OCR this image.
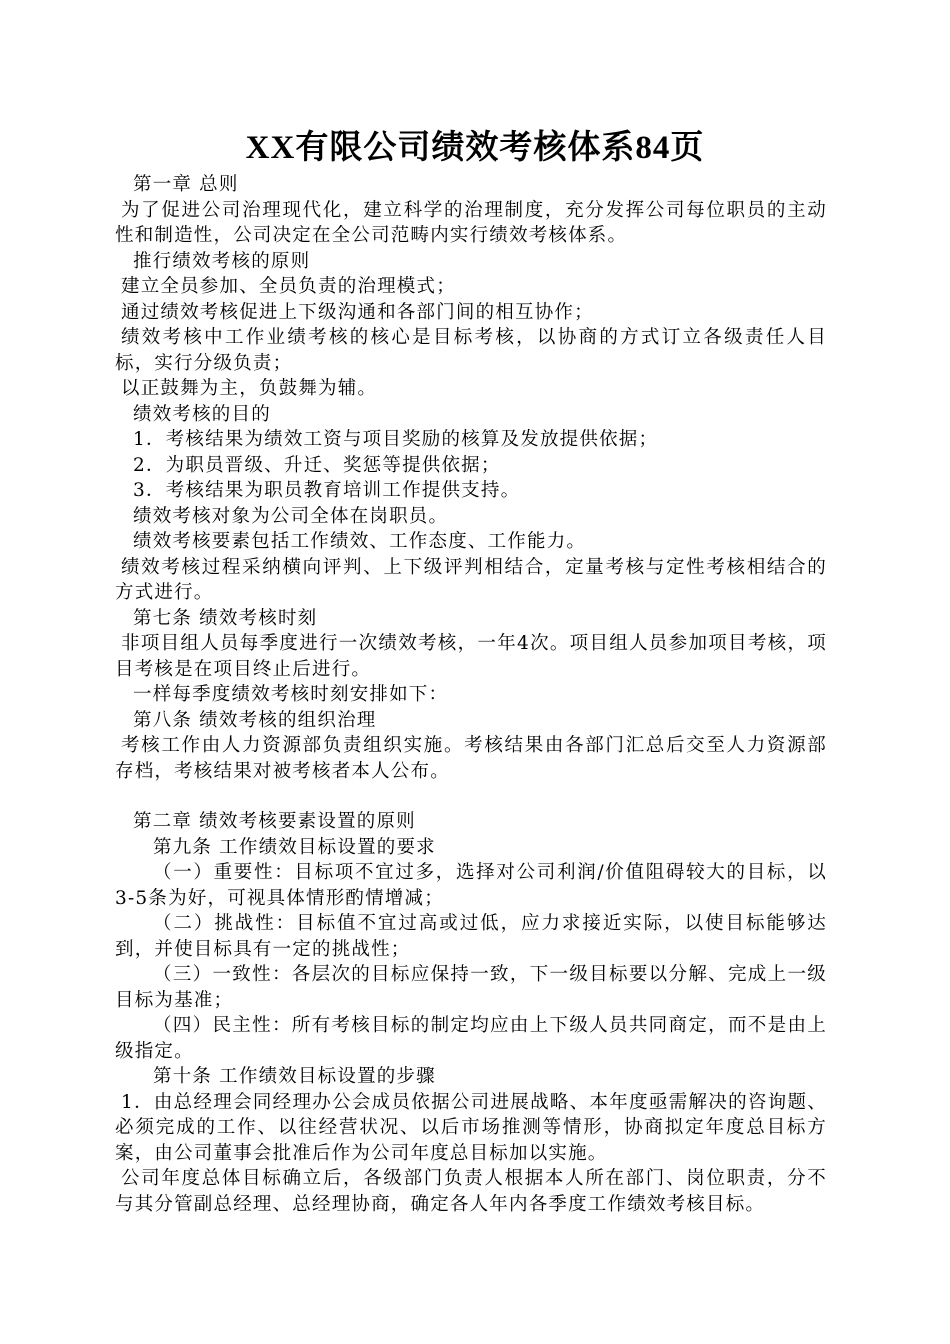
XX有限公司绩效考核体系84页

第一章 总则

为了促进公司治理现代化，建立科学的治理制度，充分发挥公司每位职员的主动性和制造性，公司决定在全公司范畴内实行绩效考核体系。

推行绩效考核的原则

建立全员参加、全员负责的治理模式；

通过绩效考核促进上下级沟通和各部门间的相互协作；

绩效考核中工作业绩考核的核心是目标考核，以协商的方式订立各级责任人目标，实行分级负责；

以正鼓舞为主，负鼓舞为辅。

绩效考核的目的

1．考核结果为绩效工资与项目奖励的核算及发放提供依据；

2．为职员晋级、升迁、奖惩等提供依据；

3．考核结果为职员教育培训工作提供支持。

绩效考核对象为公司全体在岗职员。

绩效考核要素包括工作绩效、工作态度、工作能力。

绩效考核过程采纳横向评判、上下级评判相结合，定量考核与定性考核相结合的方式进行。

第七条 绩效考核时刻

非项目组人员每季度进行一次绩效考核，一年4次。项目组人员参加项目考核，项目考核是在项目终止后进行。

一样每季度绩效考核时刻安排如下：

第八条 绩效考核的组织治理

考核工作由人力资源部负责组织实施。考核结果由各部门汇总后交至人力资源部存档，考核结果对被考核者本人公布。

第二章 绩效考核要素设置的原则

第九条 工作绩效目标设置的要求

（一）重要性：目标项不宜过多，选择对公司利润/价值阻碍较大的目标，以3-5条为好，可视具体情形酌情增减；

（二）挑战性：目标值不宜过高或过低，应力求接近实际，以使目标能够达到，并使目标具有一定的挑战性；

（三）一致性：各层次的目标应保持一致，下一级目标要以分解、完成上一级目标为基准；

（四）民主性：所有考核目标的制定均应由上下级人员共同商定，而不是由上级指定。

第十条 工作绩效目标设置的步骤

1．由总经理会同经理办公会成员依据公司进展战略、本年度亟需解决的咨询题、必须完成的工作、以往经营状况、以后市场推测等情形，协商拟定年度总目标方案，由公司董事会批准后作为公司年度总目标加以实施。

公司年度总体目标确立后，各级部门负责人根据本人所在部门、岗位职责，分不与其分管副总经理、总经理协商，确定各人年内各季度工作绩效考核目标。
